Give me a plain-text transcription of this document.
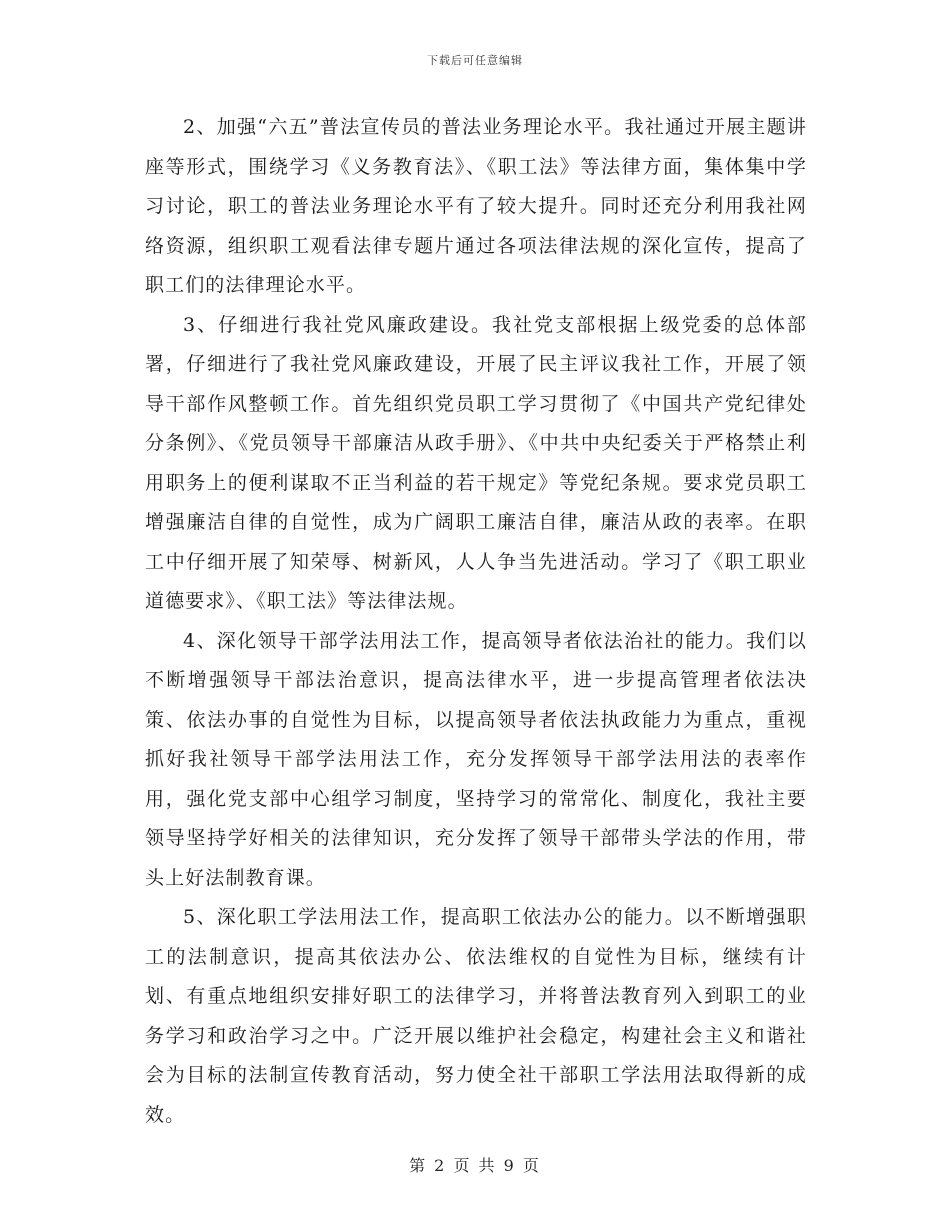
下载后可任意编辑

2、加强“六五”普法宣传员的普法业务理论水平。我社通过开展主题讲座等形式，围绕学习《义务教育法》、《职工法》等法律方面，集体集中学习讨论，职工的普法业务理论水平有了较大提升。同时还充分利用我社网络资源，组织职工观看法律专题片通过各项法律法规的深化宣传，提高了职工们的法律理论水平。

3、仔细进行我社党风廉政建设。我社党支部根据上级党委的总体部署，仔细进行了我社党风廉政建设，开展了民主评议我社工作，开展了领导干部作风整顿工作。首先组织党员职工学习贯彻了《中国共产党纪律处分条例》、《党员领导干部廉洁从政手册》、《中共中央纪委关于严格禁止利用职务上的便利谋取不正当利益的若干规定》等党纪条规。要求党员职工增强廉洁自律的自觉性，成为广阔职工廉洁自律，廉洁从政的表率。在职工中仔细开展了知荣辱、树新风，人人争当先进活动。学习了《职工职业道德要求》、《职工法》等法律法规。

4、深化领导干部学法用法工作，提高领导者依法治社的能力。我们以不断增强领导干部法治意识，提高法律水平，进一步提高管理者依法决策、依法办事的自觉性为目标，以提高领导者依法执政能力为重点，重视抓好我社领导干部学法用法工作，充分发挥领导干部学法用法的表率作用，强化党支部中心组学习制度，坚持学习的常常化、制度化，我社主要领导坚持学好相关的法律知识，充分发挥了领导干部带头学法的作用，带头上好法制教育课。

5、深化职工学法用法工作，提高职工依法办公的能力。以不断增强职工的法制意识，提高其依法办公、依法维权的自觉性为目标，继续有计划、有重点地组织安排好职工的法律学习，并将普法教育列入到职工的业务学习和政治学习之中。广泛开展以维护社会稳定，构建社会主义和谐社会为目标的法制宣传教育活动，努力使全社干部职工学法用法取得新的成效。

第 2 页 共 9 页
